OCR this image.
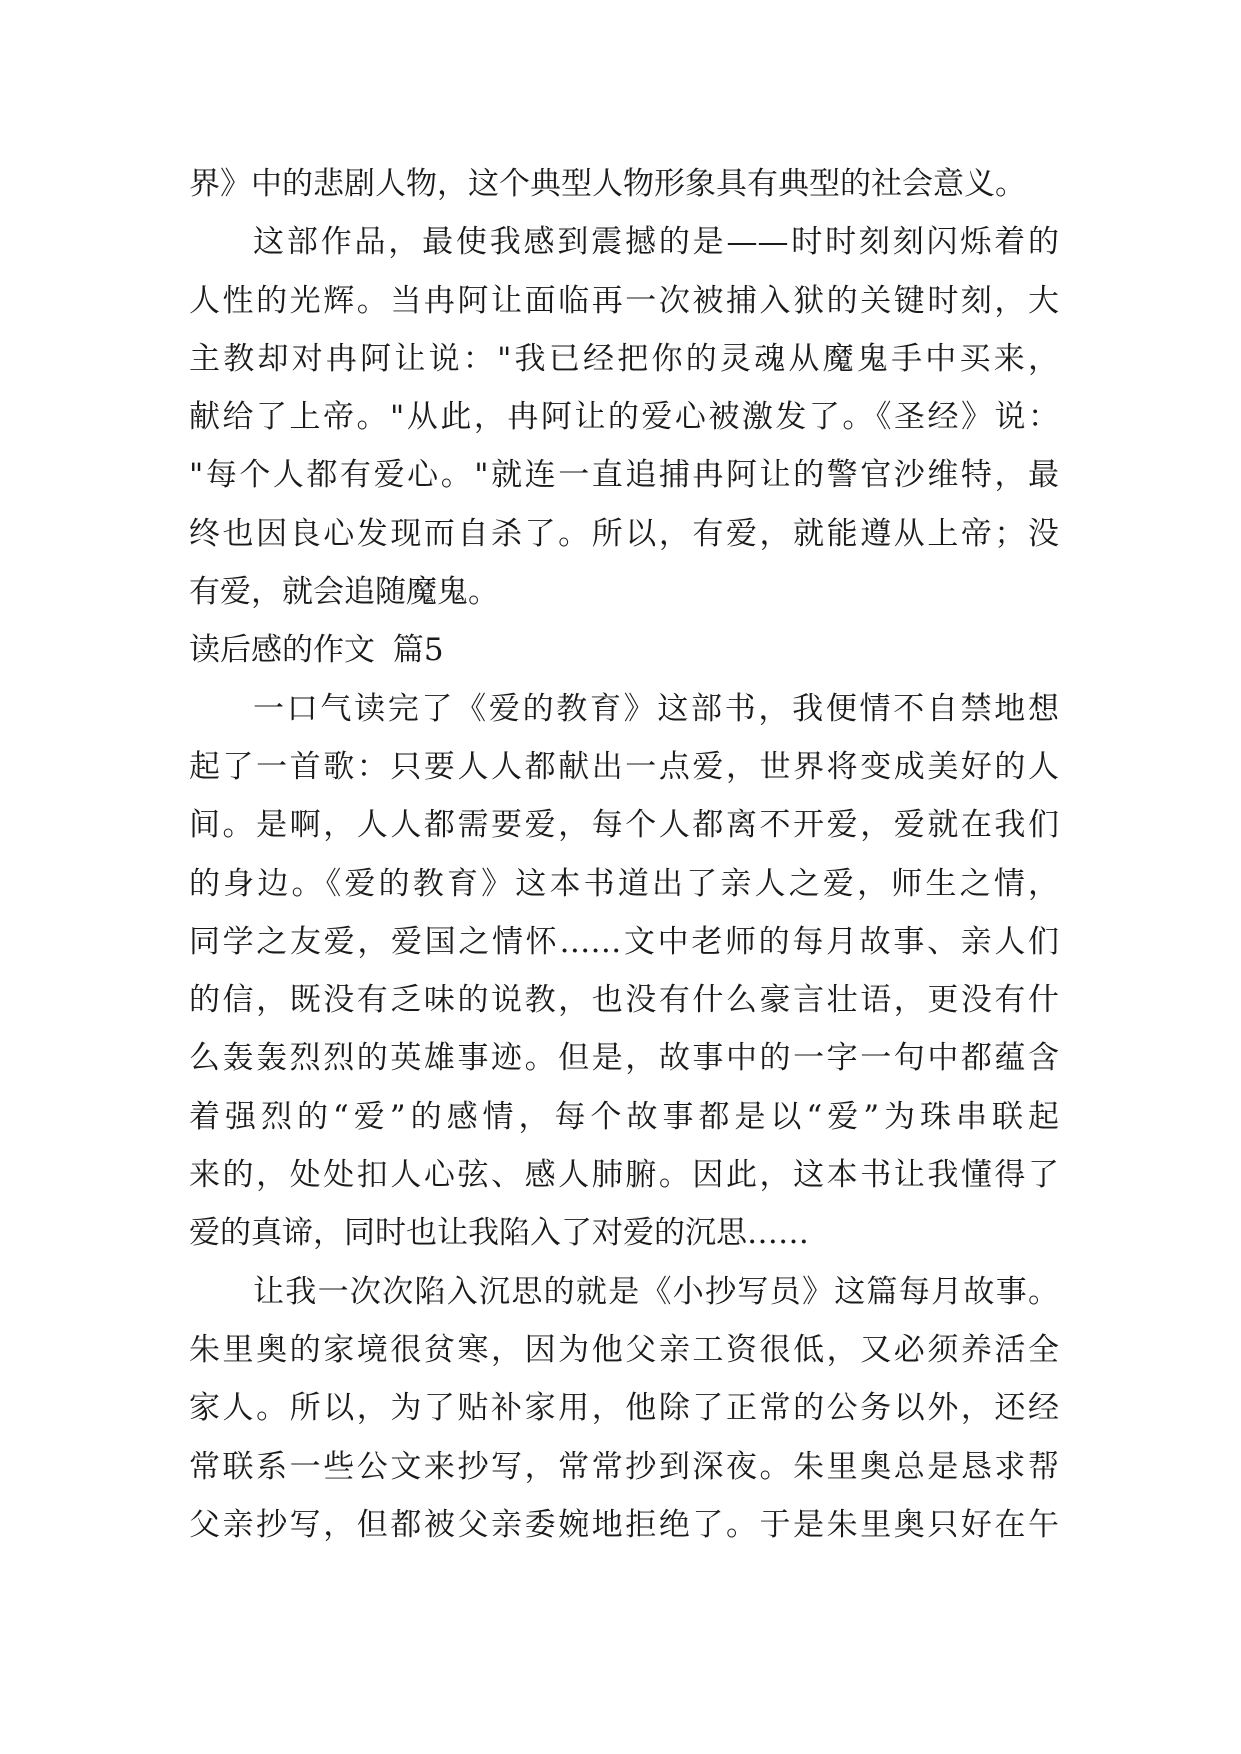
界》中的悲剧人物，这个典型人物形象具有典型的社会意义。
这部作品，最使我感到震撼的是——时时刻刻闪烁着的
人性的光辉。当冉阿让面临再一次被捕入狱的关键时刻，大
主教却对冉阿让说："我已经把你的灵魂从魔鬼手中买来，
献给了上帝。"从此，冉阿让的爱心被激发了。《圣经》说：
"每个人都有爱心。"就连一直追捕冉阿让的警官沙维特，最
终也因良心发现而自杀了。所以，有爱，就能遵从上帝；没
有爱，就会追随魔鬼。
读后感的作文 篇5
一口气读完了《爱的教育》这部书，我便情不自禁地想
起了一首歌：只要人人都献出一点爱，世界将变成美好的人
间。是啊，人人都需要爱，每个人都离不开爱，爱就在我们
的身边。《爱的教育》这本书道出了亲人之爱，师生之情，
同学之友爱，爱国之情怀……文中老师的每月故事、亲人们
的信，既没有乏味的说教，也没有什么豪言壮语，更没有什
么轰轰烈烈的英雄事迹。但是，故事中的一字一句中都蕴含
着强烈的“爱”的感情，每个故事都是以“爱”为珠串联起
来的，处处扣人心弦、感人肺腑。因此，这本书让我懂得了
爱的真谛，同时也让我陷入了对爱的沉思……
让我一次次陷入沉思的就是《小抄写员》这篇每月故事。
朱里奥的家境很贫寒，因为他父亲工资很低，又必须养活全
家人。所以，为了贴补家用，他除了正常的公务以外，还经
常联系一些公文来抄写，常常抄到深夜。朱里奥总是恳求帮
父亲抄写，但都被父亲委婉地拒绝了。于是朱里奥只好在午
